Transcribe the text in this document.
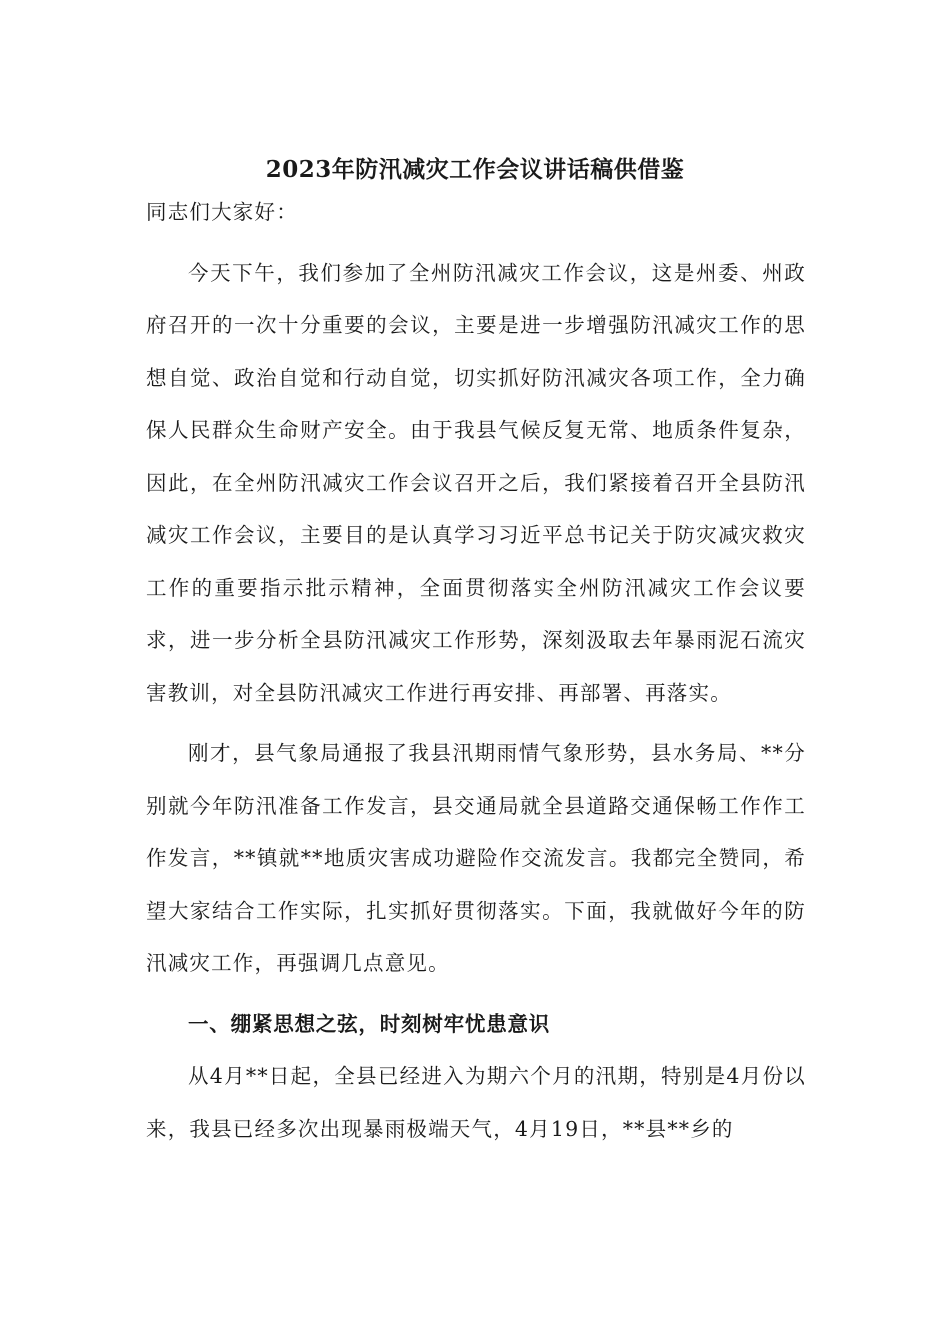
2023年防汛减灾工作会议讲话稿供借鉴

同志们大家好：

今天下午，我们参加了全州防汛减灾工作会议，这是州委、州政府召开的一次十分重要的会议，主要是进一步增强防汛减灾工作的思想自觉、政治自觉和行动自觉，切实抓好防汛减灾各项工作，全力确保人民群众生命财产安全。由于我县气候反复无常、地质条件复杂，因此，在全州防汛减灾工作会议召开之后，我们紧接着召开全县防汛减灾工作会议，主要目的是认真学习习近平总书记关于防灾减灾救灾工作的重要指示批示精神，全面贯彻落实全州防汛减灾工作会议要求，进一步分析全县防汛减灾工作形势，深刻汲取去年暴雨泥石流灾害教训，对全县防汛减灾工作进行再安排、再部署、再落实。

刚才，县气象局通报了我县汛期雨情气象形势，县水务局、**分别就今年防汛准备工作发言，县交通局就全县道路交通保畅工作作工作发言，**镇就**地质灾害成功避险作交流发言。我都完全赞同，希望大家结合工作实际，扎实抓好贯彻落实。下面，我就做好今年的防汛减灾工作，再强调几点意见。

一、绷紧思想之弦，时刻树牢忧患意识

从4月**日起，全县已经进入为期六个月的汛期，特别是4月份以来，我县已经多次出现暴雨极端天气，4月19日，**县**乡的
